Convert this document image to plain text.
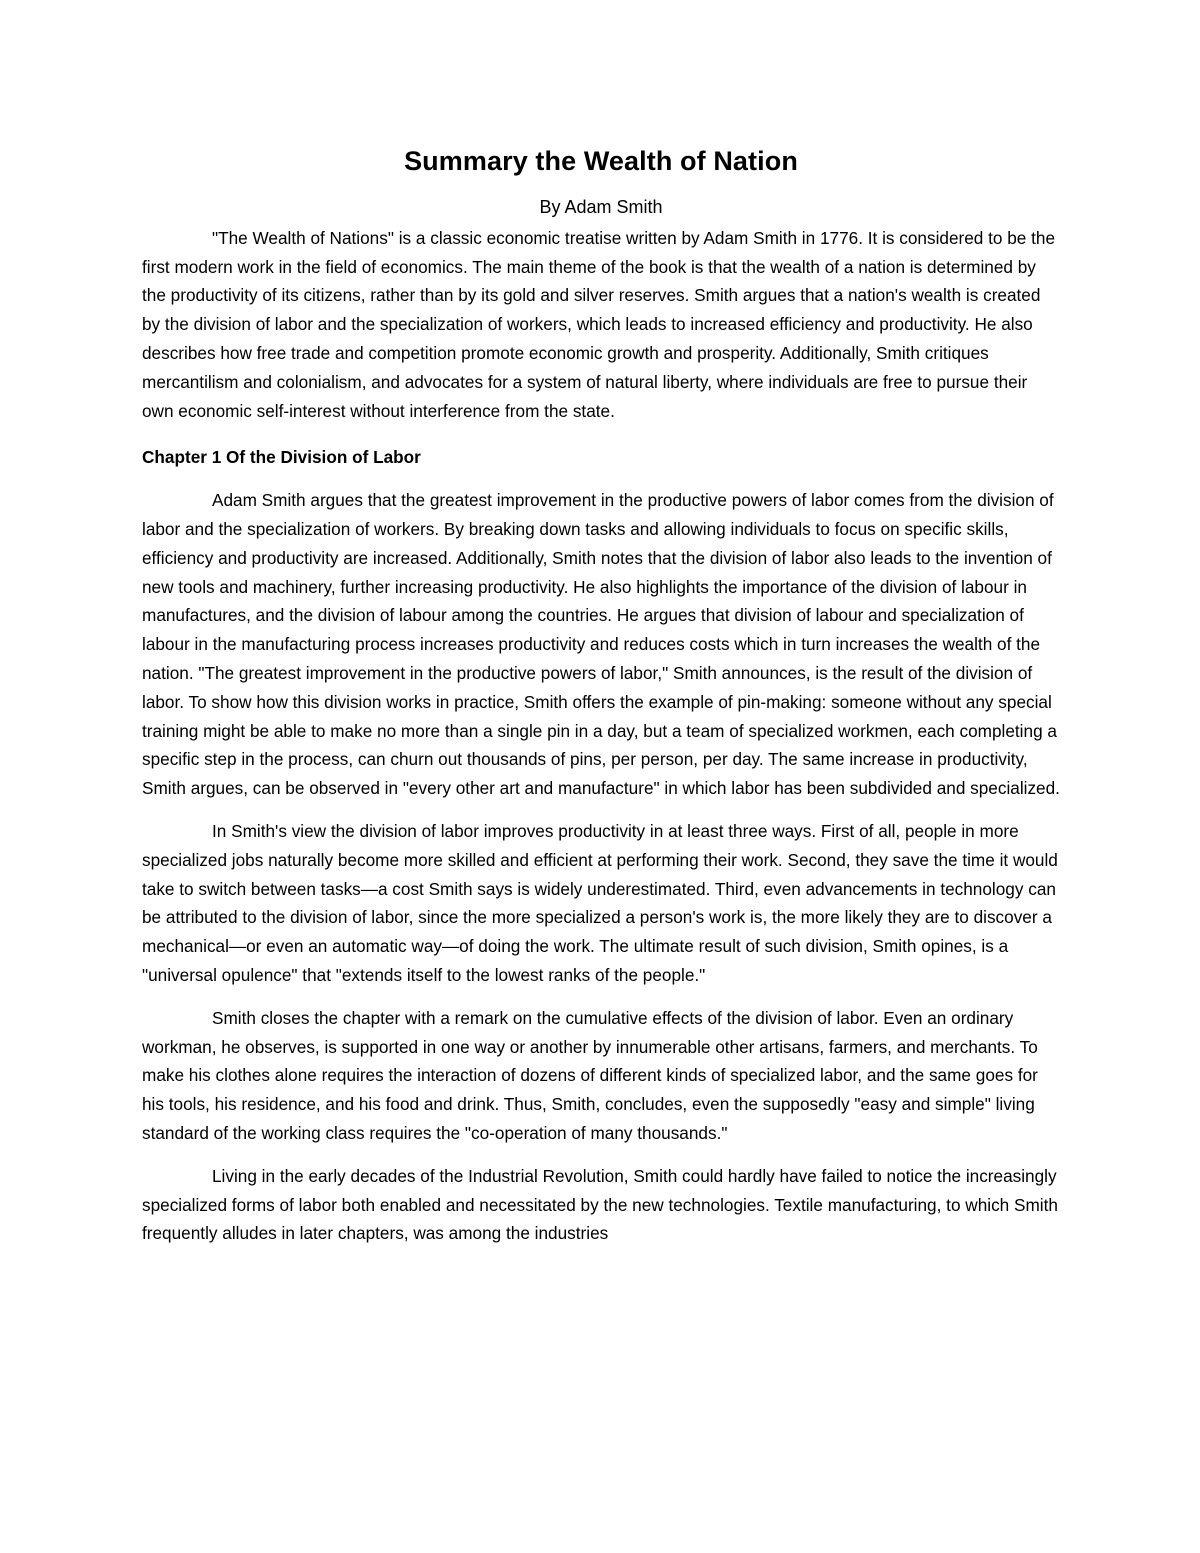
Summary the Wealth of Nation

By Adam Smith

"The Wealth of Nations" is a classic economic treatise written by Adam Smith in 1776. It is considered to be the first modern work in the field of economics. The main theme of the book is that the wealth of a nation is determined by the productivity of its citizens, rather than by its gold and silver reserves. Smith argues that a nation's wealth is created by the division of labor and the specialization of workers, which leads to increased efficiency and productivity. He also describes how free trade and competition promote economic growth and prosperity. Additionally, Smith critiques mercantilism and colonialism, and advocates for a system of natural liberty, where individuals are free to pursue their own economic self-interest without interference from the state.

Chapter 1 Of the Division of Labor

Adam Smith argues that the greatest improvement in the productive powers of labor comes from the division of labor and the specialization of workers. By breaking down tasks and allowing individuals to focus on specific skills, efficiency and productivity are increased. Additionally, Smith notes that the division of labor also leads to the invention of new tools and machinery, further increasing productivity. He also highlights the importance of the division of labour in manufactures, and the division of labour among the countries. He argues that division of labour and specialization of labour in the manufacturing process increases productivity and reduces costs which in turn increases the wealth of the nation. "The greatest improvement in the productive powers of labor," Smith announces, is the result of the division of labor. To show how this division works in practice, Smith offers the example of pin-making: someone without any special training might be able to make no more than a single pin in a day, but a team of specialized workmen, each completing a specific step in the process, can churn out thousands of pins, per person, per day. The same increase in productivity, Smith argues, can be observed in "every other art and manufacture" in which labor has been subdivided and specialized.

In Smith's view the division of labor improves productivity in at least three ways. First of all, people in more specialized jobs naturally become more skilled and efficient at performing their work. Second, they save the time it would take to switch between tasks—a cost Smith says is widely underestimated. Third, even advancements in technology can be attributed to the division of labor, since the more specialized a person's work is, the more likely they are to discover a mechanical—or even an automatic way—of doing the work. The ultimate result of such division, Smith opines, is a "universal opulence" that "extends itself to the lowest ranks of the people."

Smith closes the chapter with a remark on the cumulative effects of the division of labor. Even an ordinary workman, he observes, is supported in one way or another by innumerable other artisans, farmers, and merchants. To make his clothes alone requires the interaction of dozens of different kinds of specialized labor, and the same goes for his tools, his residence, and his food and drink. Thus, Smith, concludes, even the supposedly "easy and simple" living standard of the working class requires the "co-operation of many thousands."

Living in the early decades of the Industrial Revolution, Smith could hardly have failed to notice the increasingly specialized forms of labor both enabled and necessitated by the new technologies. Textile manufacturing, to which Smith frequently alludes in later chapters, was among the industries
